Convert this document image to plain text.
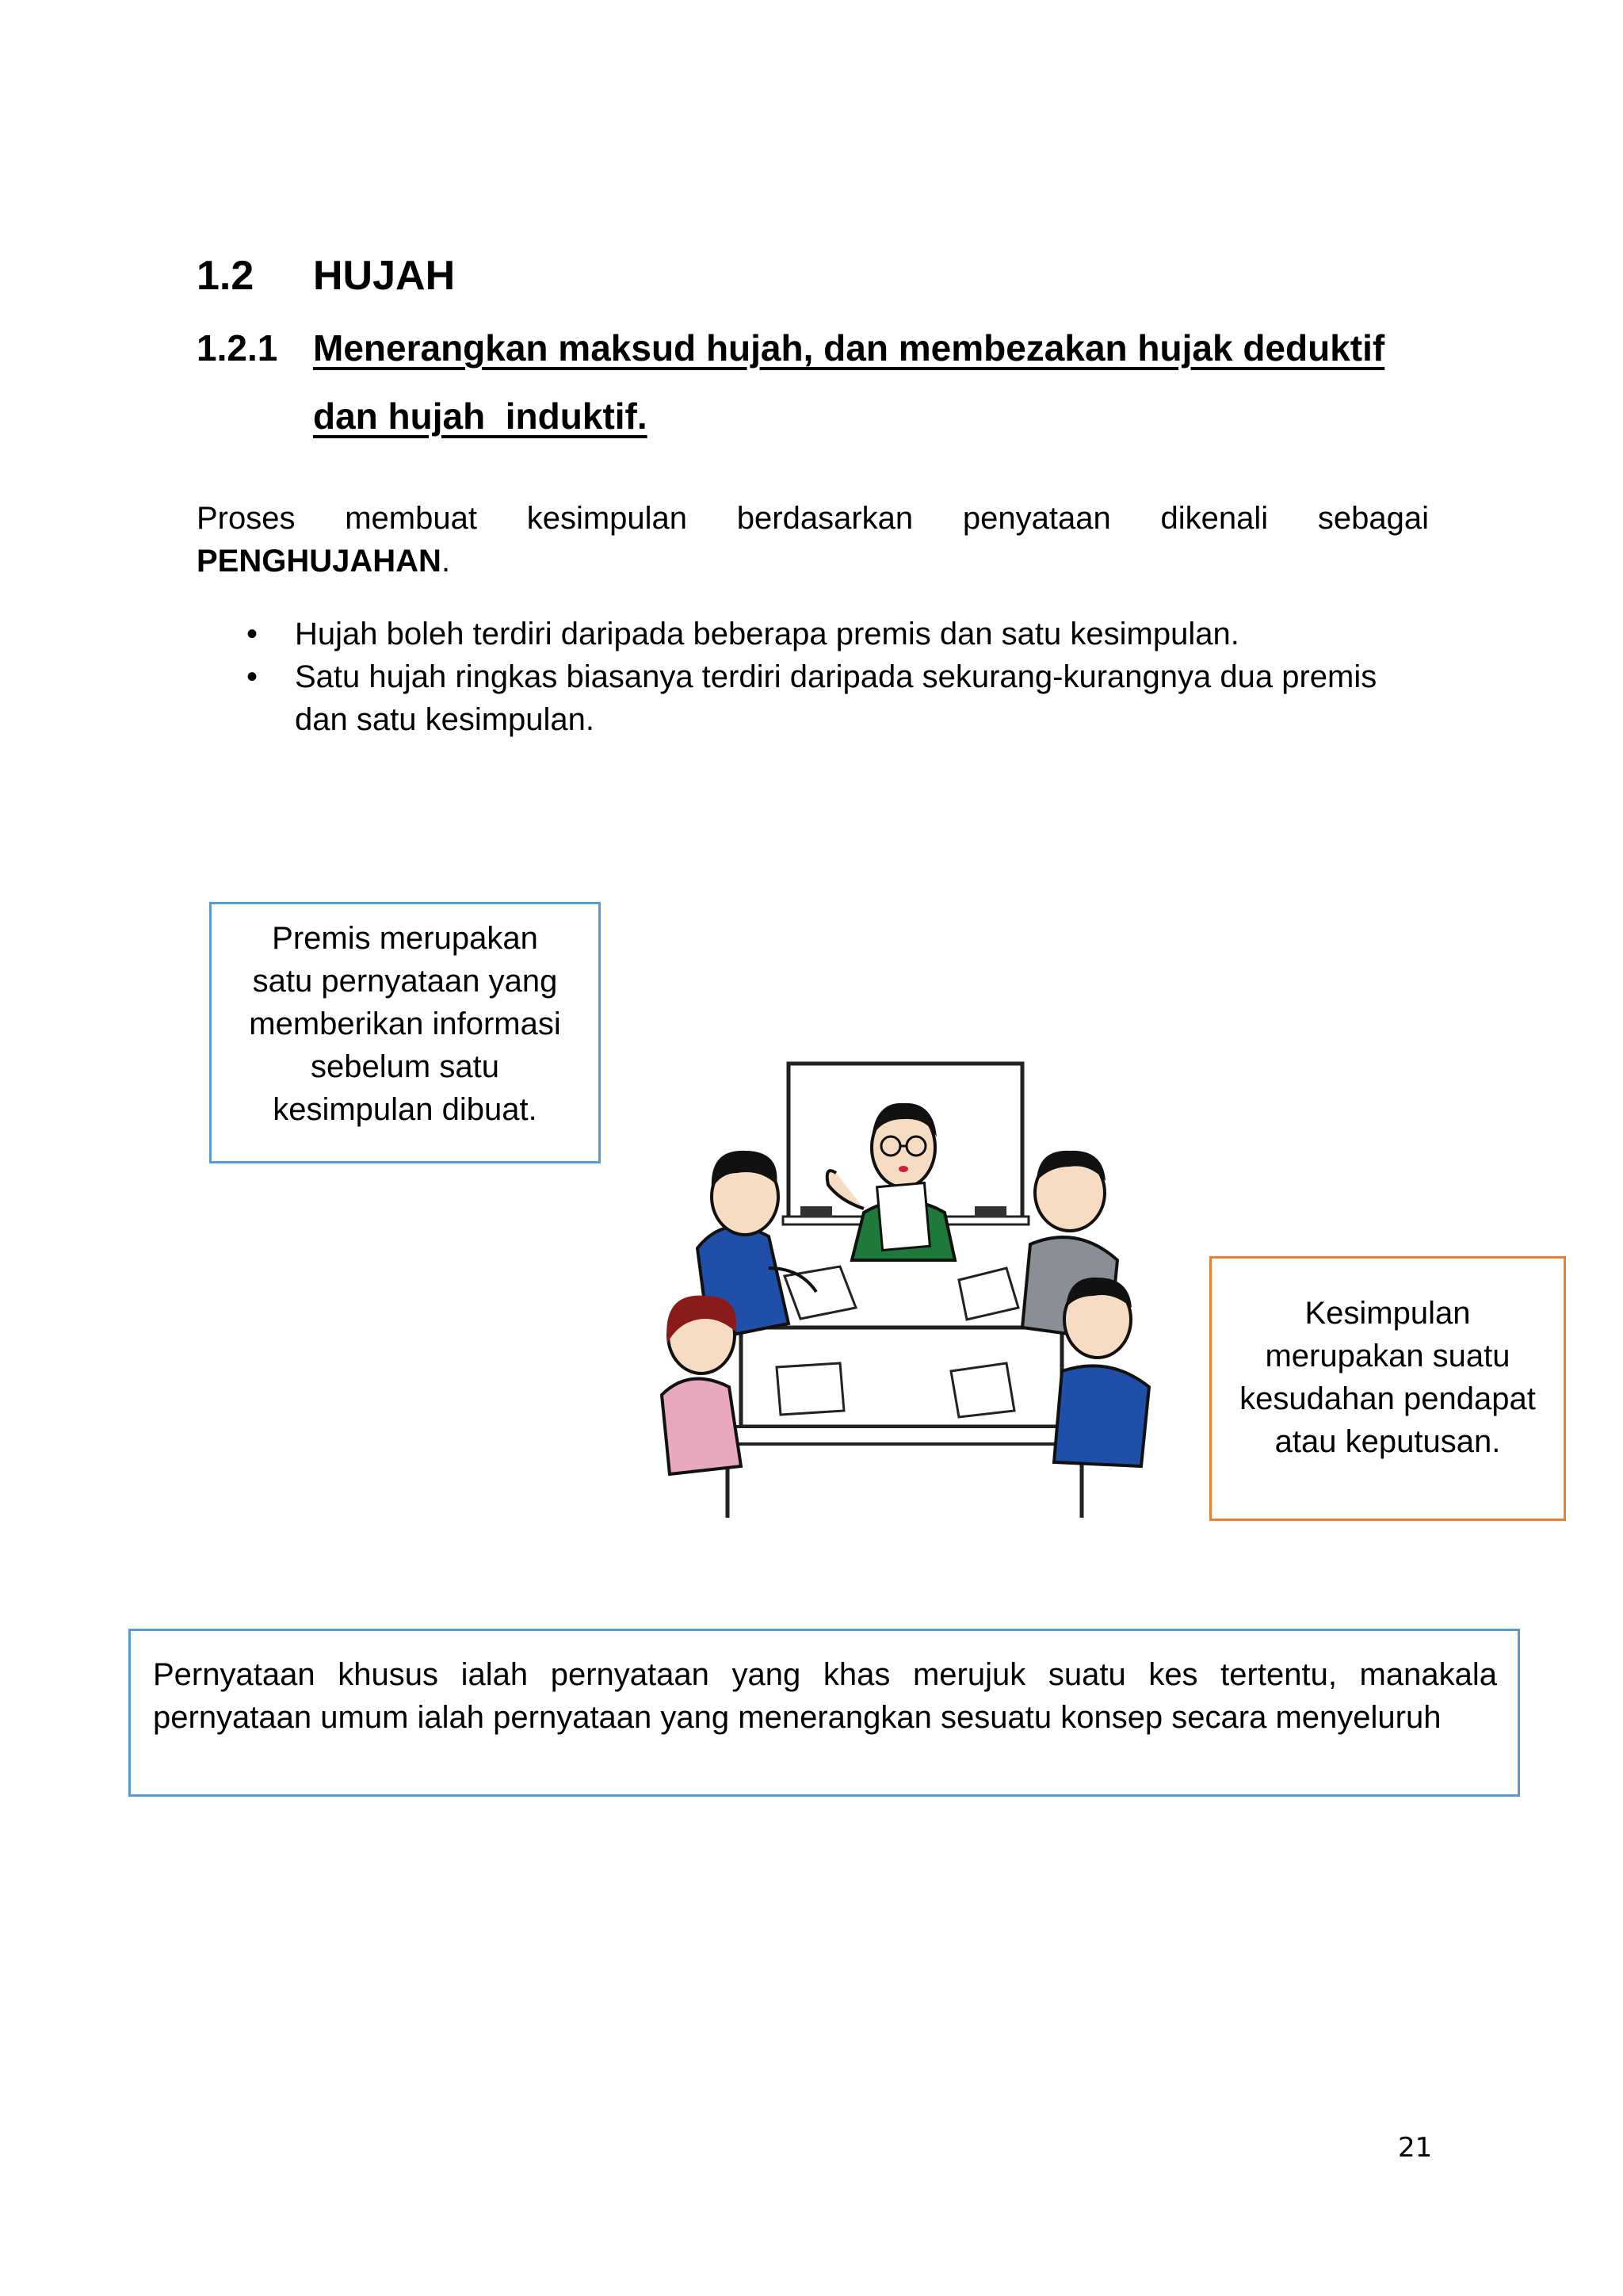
1.2 HUJAH
1.2.1 Menerangkan maksud hujah, dan membezakan hujak deduktif
dan hujah  induktif.
Proses membuat kesimpulan berdasarkan penyataan dikenali sebagai
PENGHUJAHAN.
• Hujah boleh terdiri daripada beberapa premis dan satu kesimpulan.
• Satu hujah ringkas biasanya terdiri daripada sekurang-kurangnya dua premis
dan satu kesimpulan.
Premis merupakan
satu pernyataan yang
memberikan informasi
sebelum satu
kesimpulan dibuat.
Kesimpulan
merupakan suatu
kesudahan pendapat
atau keputusan.
Pernyataan khusus ialah pernyataan yang khas merujuk suatu kes tertentu, manakala
pernyataan umum ialah pernyataan yang menerangkan sesuatu konsep secara menyeluruh
21
